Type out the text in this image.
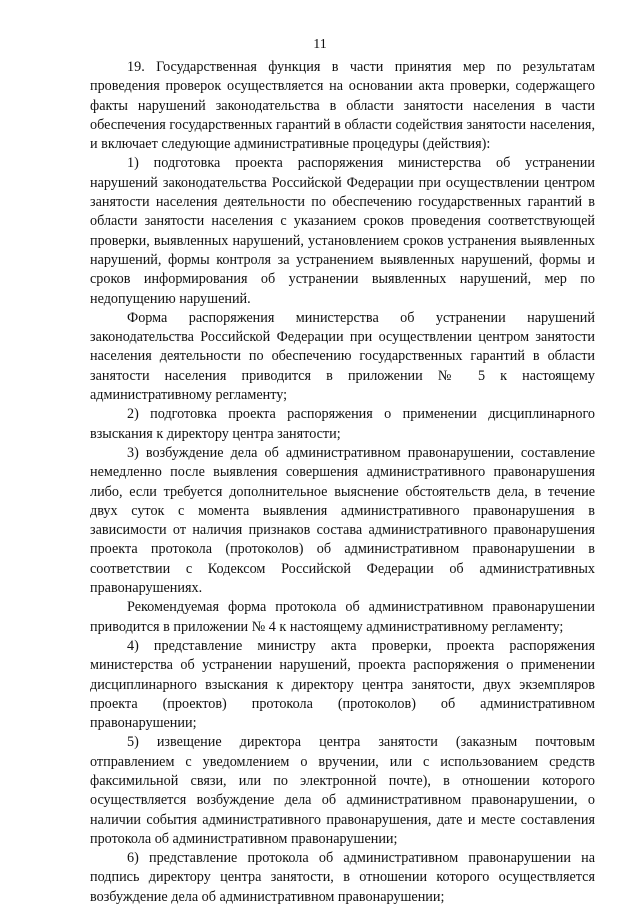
11

19. Государственная функция в части принятия мер по результатам проведения проверок осуществляется на основании акта проверки, содержащего факты нарушений законодательства в области занятости населения в части обеспечения государственных гарантий в области содействия занятости населения, и включает следующие административные процедуры (действия):

1) подготовка проекта распоряжения министерства об устранении нарушений законодательства Российской Федерации при осуществлении центром занятости населения деятельности по обеспечению государственных гарантий в области занятости населения с указанием сроков проведения соответствующей проверки, выявленных нарушений, установлением сроков устранения выявленных нарушений, формы контроля за устранением выявленных нарушений, формы и сроков информирования об устранении выявленных нарушений, мер по недопущению нарушений.

Форма распоряжения министерства об устранении нарушений законодательства Российской Федерации при осуществлении центром занятости населения деятельности по обеспечению государственных гарантий в области занятости населения приводится в приложении № 5 к настоящему административному регламенту;

2) подготовка проекта распоряжения о применении дисциплинарного взыскания к директору центра занятости;

3) возбуждение дела об административном правонарушении, составление немедленно после выявления совершения административного правонарушения либо, если требуется дополнительное выяснение обстоятельств дела, в течение двух суток с момента выявления административного правонарушения в зависимости от наличия признаков состава административного правонарушения проекта протокола (протоколов) об административном правонарушении в соответствии с Кодексом Российской Федерации об административных правонарушениях.

Рекомендуемая форма протокола об административном правонарушении приводится в приложении № 4 к настоящему административному регламенту;

4) представление министру акта проверки, проекта распоряжения министерства об устранении нарушений, проекта распоряжения о применении дисциплинарного взыскания к директору центра занятости, двух экземпляров проекта (проектов) протокола (протоколов) об административном правонарушении;

5) извещение директора центра занятости (заказным почтовым отправлением с уведомлением о вручении, или с использованием средств факсимильной связи, или по электронной почте), в отношении которого осуществляется возбуждение дела об административном правонарушении, о наличии события административного правонарушения, дате и месте составления протокола об административном правонарушении;

6) представление протокола об административном правонарушении на подпись директору центра занятости, в отношении которого осуществляется возбуждение дела об административном правонарушении;
